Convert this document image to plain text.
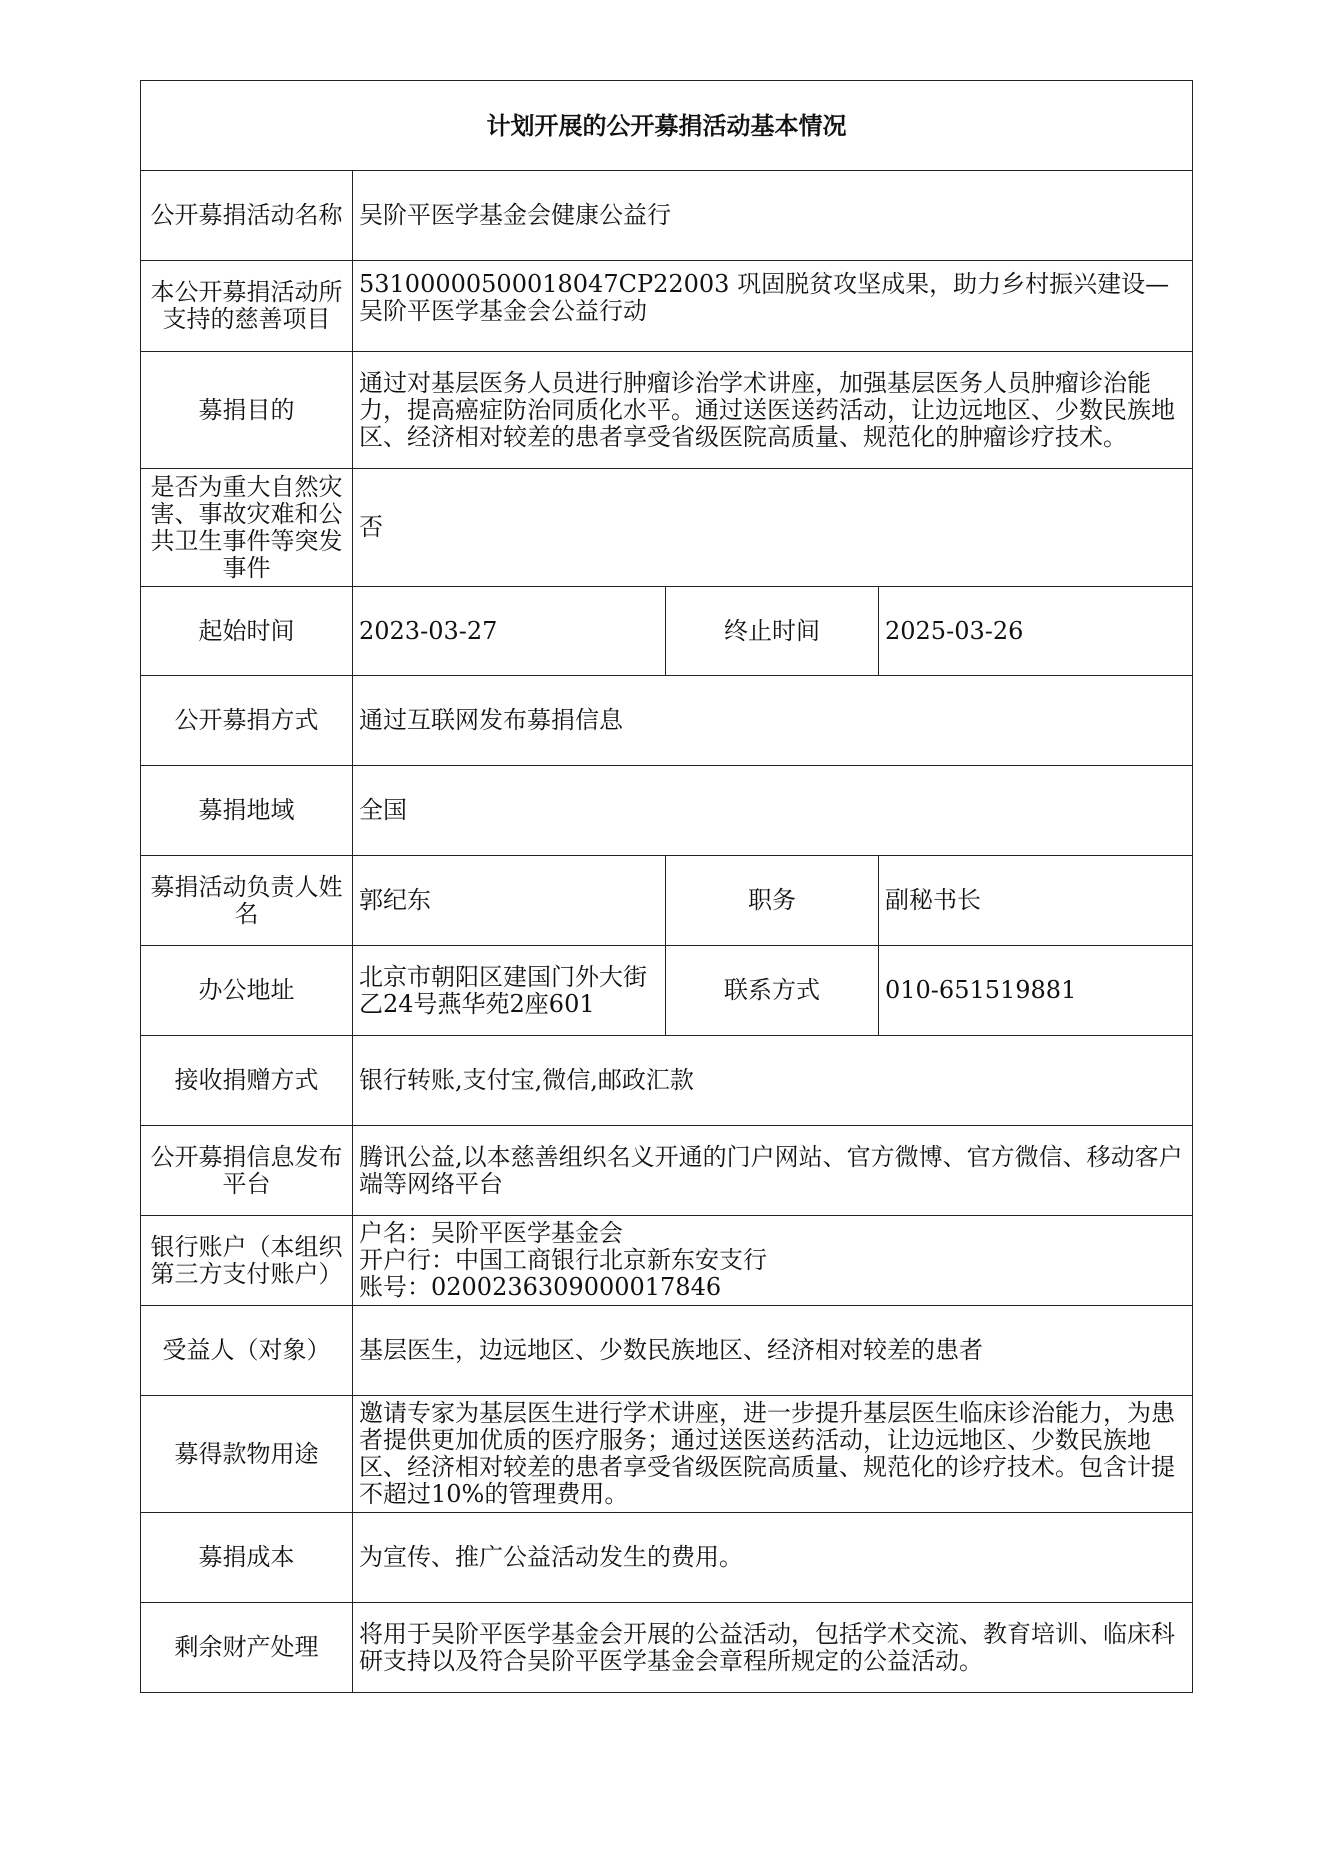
计划开展的公开募捐活动基本情况			
公开募捐活动名称	吴阶平医学基金会健康公益行		
本公开募捐活动所支持的慈善项目	53100000500018047CP22003 巩固脱贫攻坚成果，助力乡村振兴建设—吴阶平医学基金会公益行动		
募捐目的	通过对基层医务人员进行肿瘤诊治学术讲座，加强基层医务人员肿瘤诊治能力，提高癌症防治同质化水平。通过送医送药活动，让边远地区、少数民族地区、经济相对较差的患者享受省级医院高质量、规范化的肿瘤诊疗技术。		
是否为重大自然灾害、事故灾难和公共卫生事件等突发事件	否		
起始时间	2023-03-27	终止时间	2025-03-26
公开募捐方式	通过互联网发布募捐信息		
募捐地域	全国		
募捐活动负责人姓名	郭纪东	职务	副秘书长
办公地址	北京市朝阳区建国门外大街乙24号燕华苑2座601	联系方式	010-651519881
接收捐赠方式	银行转账,支付宝,微信,邮政汇款		
公开募捐信息发布平台	腾讯公益,以本慈善组织名义开通的门户网站、官方微博、官方微信、移动客户端等网络平台		
银行账户（本组织第三方支付账户）	户名：吴阶平医学基金会
开户行：中国工商银行北京新东安支行
账号：0200236309000017846		
受益人（对象）	基层医生，边远地区、少数民族地区、经济相对较差的患者		
募得款物用途	邀请专家为基层医生进行学术讲座，进一步提升基层医生临床诊治能力，为患者提供更加优质的医疗服务；通过送医送药活动，让边远地区、少数民族地区、经济相对较差的患者享受省级医院高质量、规范化的诊疗技术。包含计提不超过10%的管理费用。		
募捐成本	为宣传、推广公益活动发生的费用。		
剩余财产处理	将用于吴阶平医学基金会开展的公益活动，包括学术交流、教育培训、临床科研支持以及符合吴阶平医学基金会章程所规定的公益活动。		
